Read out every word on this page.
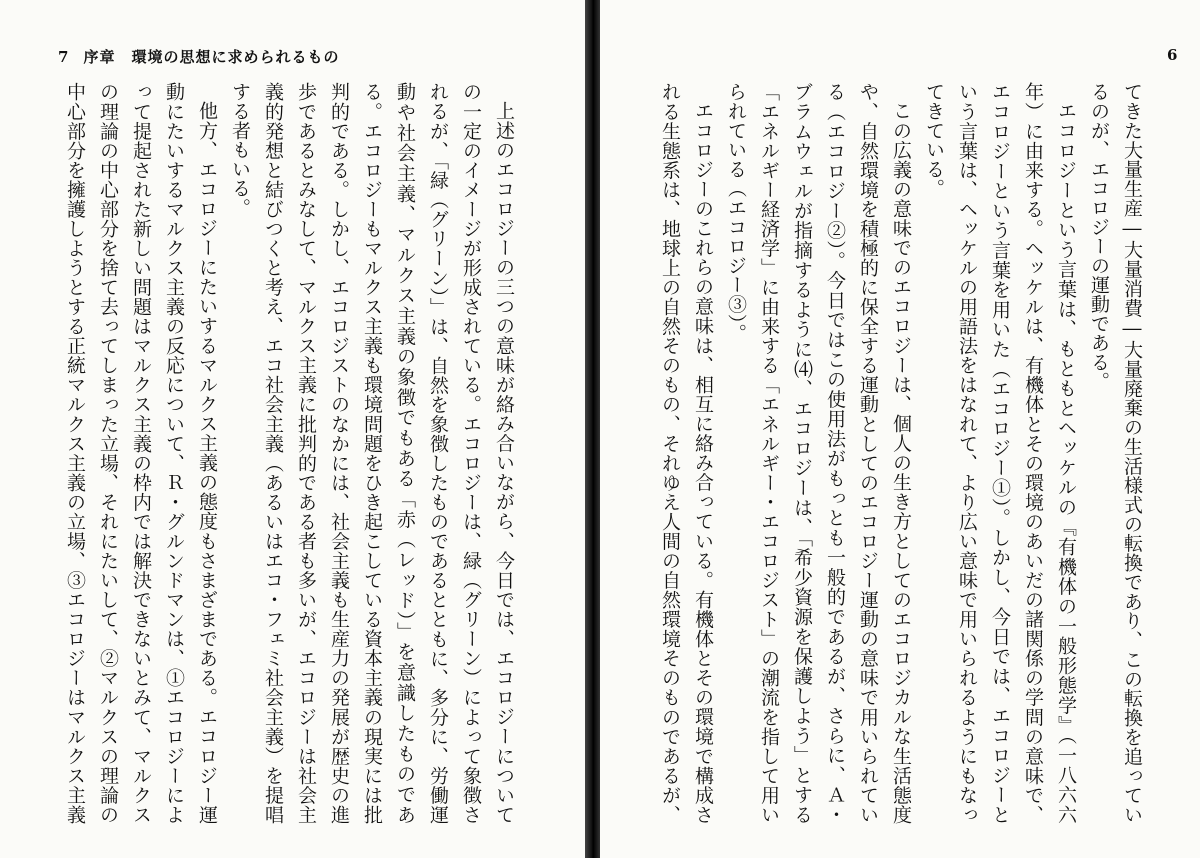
7 序章　環境の思想に求められるもの

上述のエコロジーの三つの意味が絡み合いながら、今日では、エコロジーについての一定のイメージが形成されている。エコロジーは、緑（グリーン）によって象徴されるが、「緑（グリーン）」は、自然を象徴したものであるとともに、多分に、労働運動や社会主義、マルクス主義の象徴でもある「赤（レッド）」を意識したものである。エコロジーもマルクス主義も環境問題をひき起こしている資本主義の現実には批判的である。しかし、エコロジストのなかには、社会主義も生産力の発展が歴史の進歩であるとみなして、マルクス主義に批判的である者も多いが、エコロジーは社会主義的発想と結びつくと考え、エコ社会主義（あるいはエコ・フェミ社会主義）を提唱する者もいる。

他方、エコロジーにたいするマルクス主義の態度もさまざまである。エコロジー運動にたいするマルクス主義の反応について、Ｒ・グルンドマンは、①エコロジーによって提起された新しい問題はマルクス主義の枠内では解決できないとみて、マルクスの理論の中心部分を捨て去ってしまった立場、それにたいして、②マルクスの理論の中心部分を擁護しようとする正統マルクス主義の立場、③エコロジーはマルクス主義

6

てきた大量生産―大量消費―大量廃棄の生活様式の転換であり、この転換を追っているのが、エコロジーの運動である。

エコロジーという言葉は、もともとヘッケルの『有機体の一般形態学』（一八六六年）に由来する。ヘッケルは、有機体とその環境のあいだの諸関係の学問の意味で、エコロジーという言葉を用いた（エコロジー①）。しかし、今日では、エコロジーという言葉は、ヘッケルの用語法をはなれて、より広い意味で用いられるようにもなってきている。

この広義の意味でのエコロジーは、個人の生き方としてのエコロジカルな生活態度や、自然環境を積極的に保全する運動としてのエコロジー運動の意味で用いられている（エコロジー②）。今日ではこの使用法がもっとも一般的であるが、さらに、Ａ・ブラムウェルが指摘するように⑷、エコロジーは、「希少資源を保護しよう」とする「エネルギー経済学」に由来する「エネルギー・エコロジスト」の潮流を指して用いられている（エコロジー③）。

エコロジーのこれらの意味は、相互に絡み合っている。有機体とその環境で構成される生態系は、地球上の自然そのもの、それゆえ人間の自然環境そのものであるが、
